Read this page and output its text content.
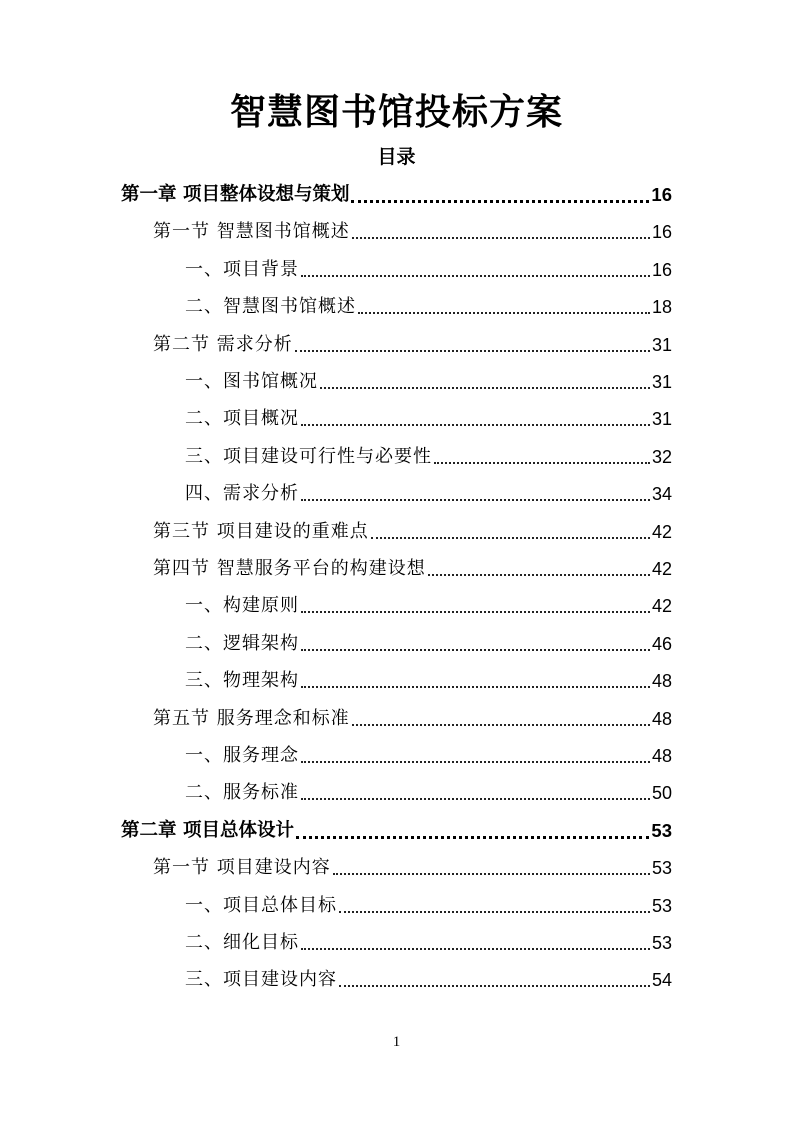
智慧图书馆投标方案
目录
第一章 项目整体设想与策划	16
第一节 智慧图书馆概述	16
一、项目背景	16
二、智慧图书馆概述	18
第二节 需求分析	31
一、图书馆概况	31
二、项目概况	31
三、项目建设可行性与必要性	32
四、需求分析	34
第三节 项目建设的重难点	42
第四节 智慧服务平台的构建设想	42
一、构建原则	42
二、逻辑架构	46
三、物理架构	48
第五节 服务理念和标准	48
一、服务理念	48
二、服务标准	50
第二章 项目总体设计	53
第一节 项目建设内容	53
一、项目总体目标	53
二、细化目标	53
三、项目建设内容	54
1
